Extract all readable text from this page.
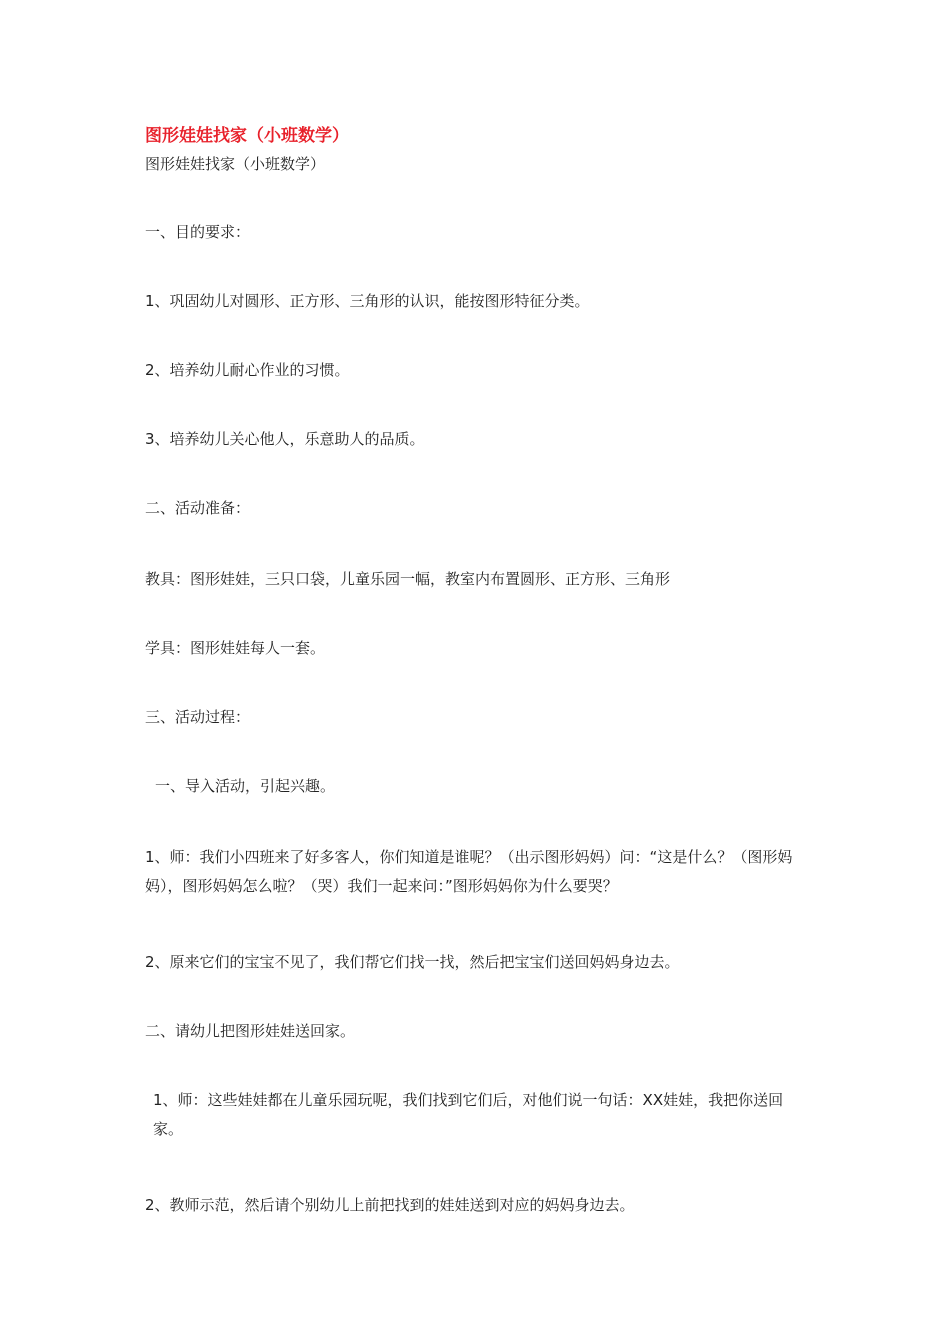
图形娃娃找家（小班数学）
图形娃娃找家（小班数学）
一、目的要求：
1、巩固幼儿对圆形、正方形、三角形的认识，能按图形特征分类。
2、培养幼儿耐心作业的习惯。
3、培养幼儿关心他人，乐意助人的品质。
二、活动准备：
教具：图形娃娃，三只口袋，儿童乐园一幅，教室内布置圆形、正方形、三角形
学具：图形娃娃每人一套。
三、活动过程：
一、导入活动，引起兴趣。
1、师：我们小四班来了好多客人，你们知道是谁呢？（出示图形妈妈）问：“这是什么？（图形妈妈），图形妈妈怎么啦？（哭）我们一起来问：”图形妈妈你为什么要哭？
2、原来它们的宝宝不见了，我们帮它们找一找，然后把宝宝们送回妈妈身边去。
二、请幼儿把图形娃娃送回家。
1、师：这些娃娃都在儿童乐园玩呢，我们找到它们后，对他们说一句话：XX娃娃，我把你送回家。
2、教师示范，然后请个别幼儿上前把找到的娃娃送到对应的妈妈身边去。
